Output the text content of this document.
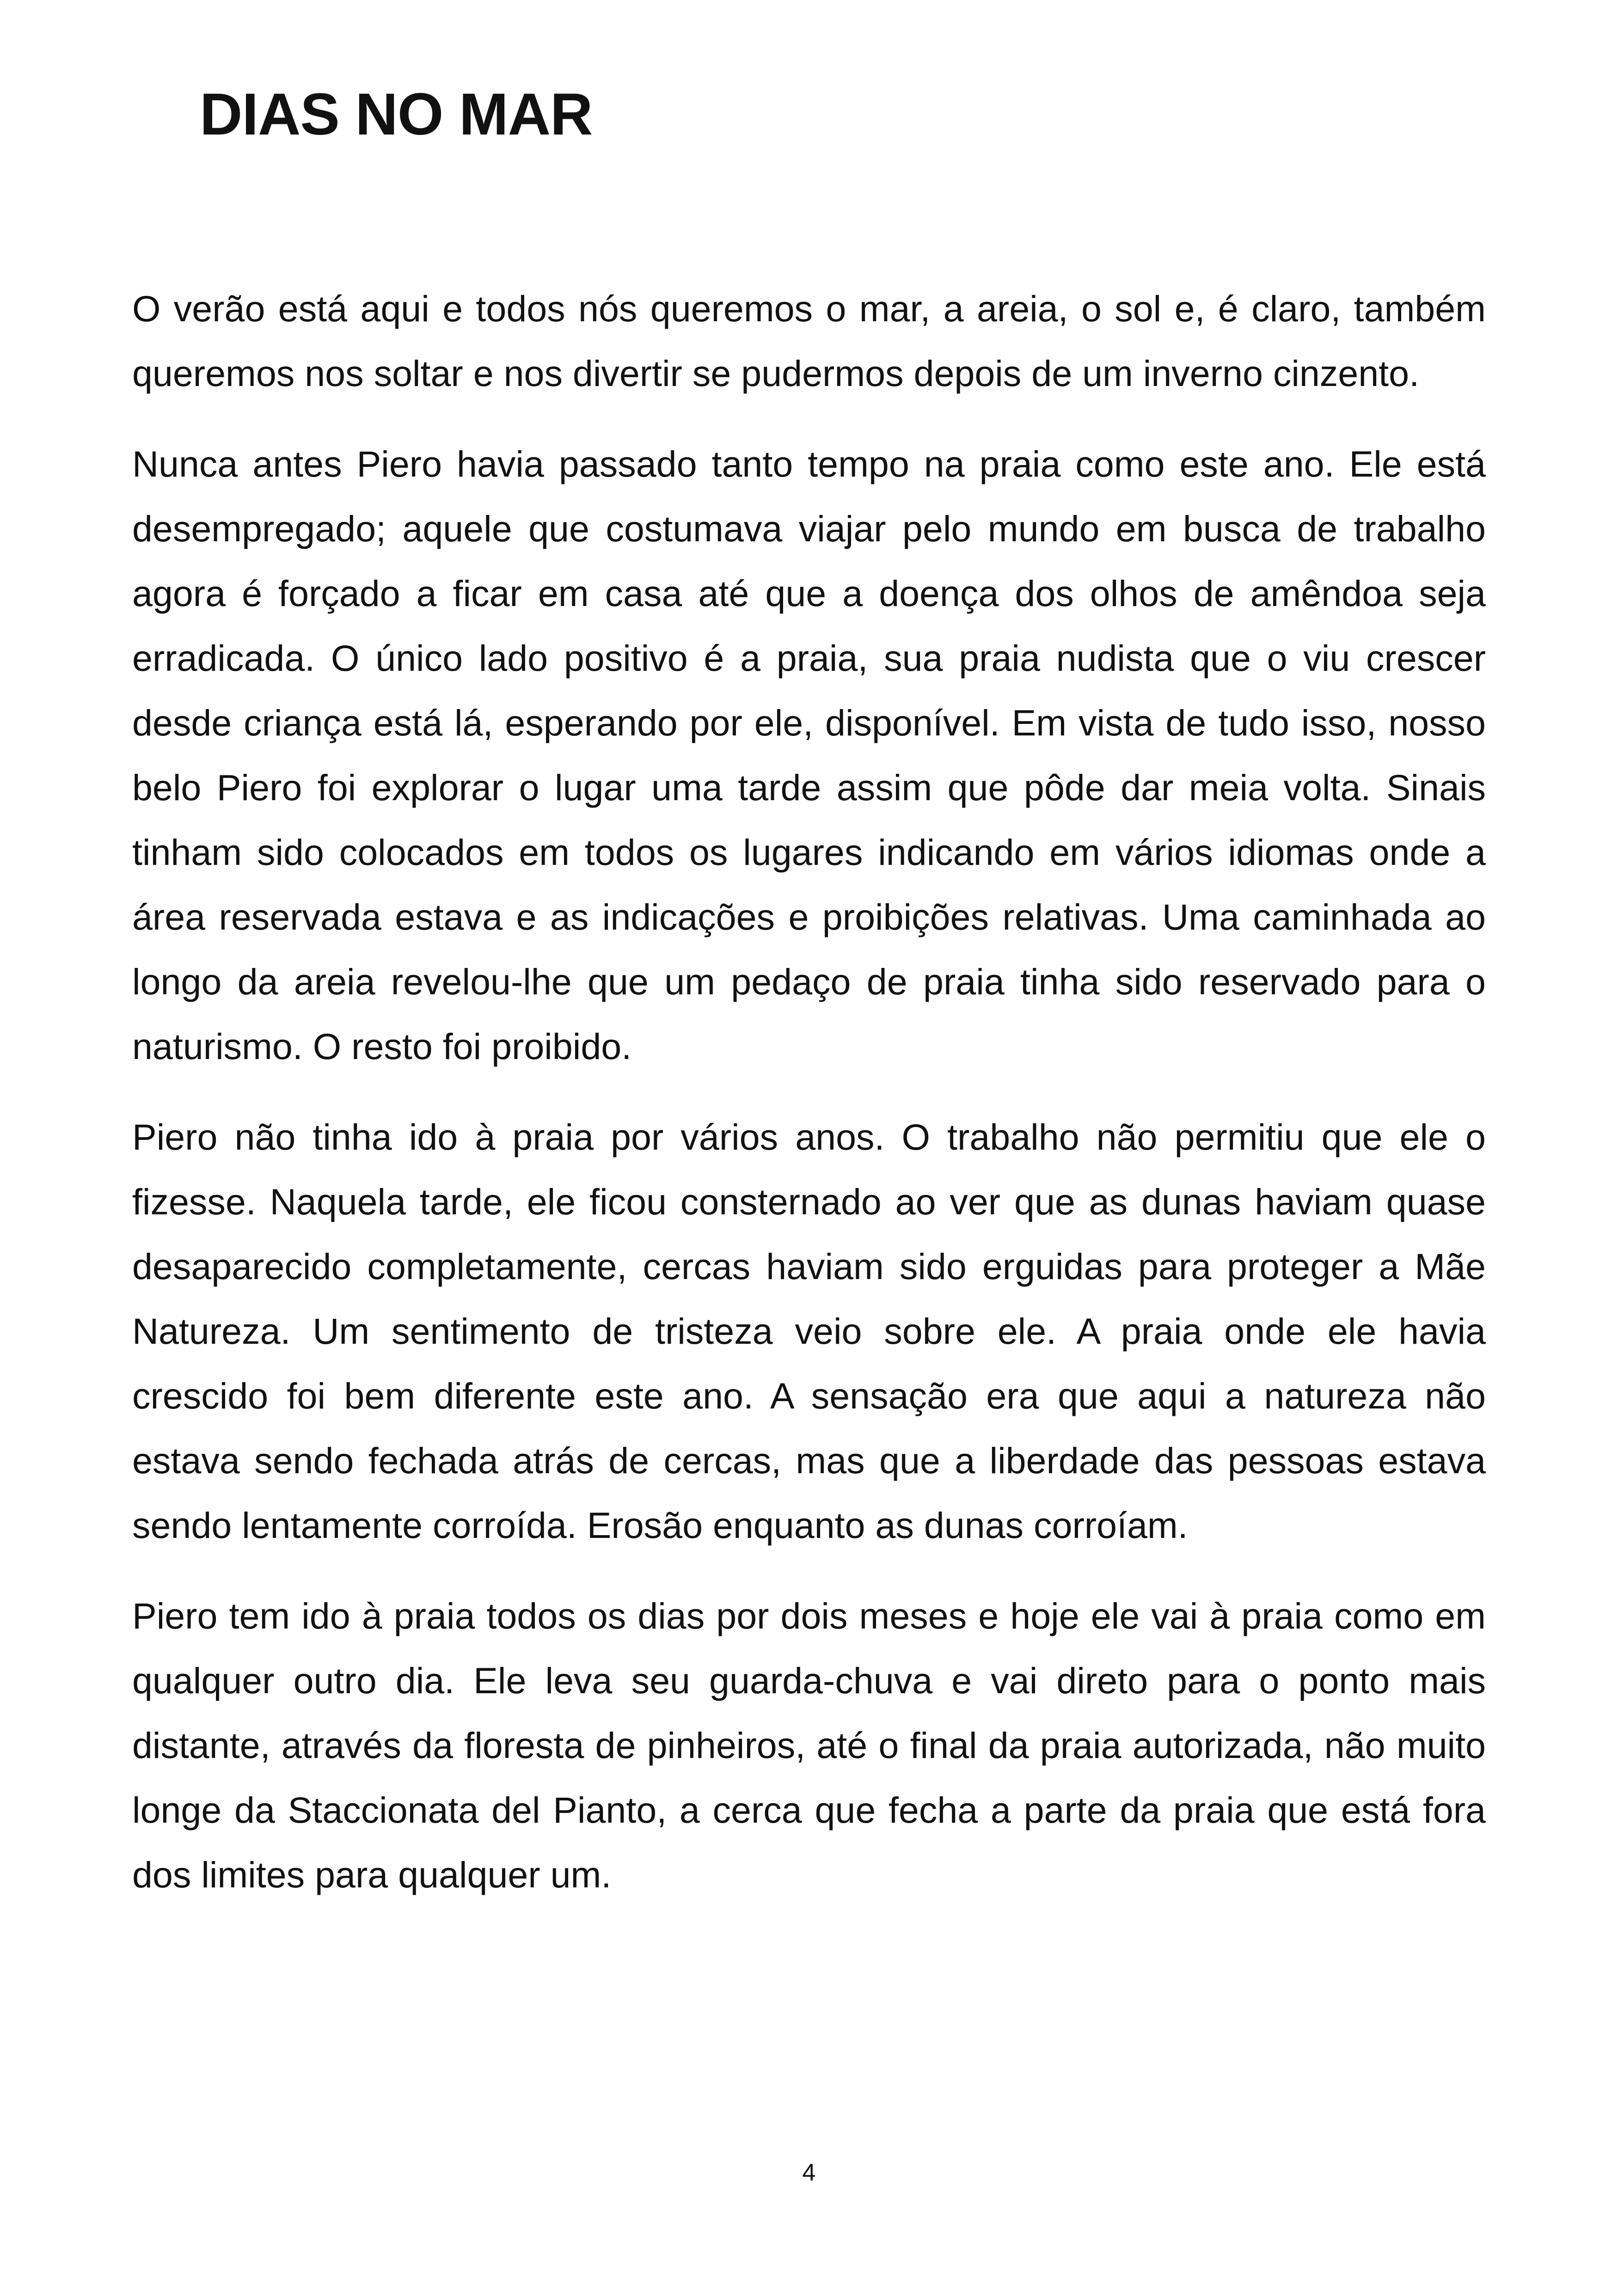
DIAS NO MAR

O verão está aqui e todos nós queremos o mar, a areia, o sol e, é claro, também queremos nos soltar e nos divertir se pudermos depois de um inverno cinzento.

Nunca antes Piero havia passado tanto tempo na praia como este ano. Ele está desempregado; aquele que costumava viajar pelo mundo em busca de trabalho agora é forçado a ficar em casa até que a doença dos olhos de amêndoa seja erradicada. O único lado positivo é a praia, sua praia nudista que o viu crescer desde criança está lá, esperando por ele, disponível. Em vista de tudo isso, nosso belo Piero foi explorar o lugar uma tarde assim que pôde dar meia volta. Sinais tinham sido colocados em todos os lugares indicando em vários idiomas onde a área reservada estava e as indicações e proibições relativas. Uma caminhada ao longo da areia revelou-lhe que um pedaço de praia tinha sido reservado para o naturismo. O resto foi proibido.

Piero não tinha ido à praia por vários anos. O trabalho não permitiu que ele o fizesse. Naquela tarde, ele ficou consternado ao ver que as dunas haviam quase desaparecido completamente, cercas haviam sido erguidas para proteger a Mãe Natureza. Um sentimento de tristeza veio sobre ele. A praia onde ele havia crescido foi bem diferente este ano. A sensação era que aqui a natureza não estava sendo fechada atrás de cercas, mas que a liberdade das pessoas estava sendo lentamente corroída. Erosão enquanto as dunas corroíam.

Piero tem ido à praia todos os dias por dois meses e hoje ele vai à praia como em qualquer outro dia. Ele leva seu guarda-chuva e vai direto para o ponto mais distante, através da floresta de pinheiros, até o final da praia autorizada, não muito longe da Staccionata del Pianto, a cerca que fecha a parte da praia que está fora dos limites para qualquer um.

4
